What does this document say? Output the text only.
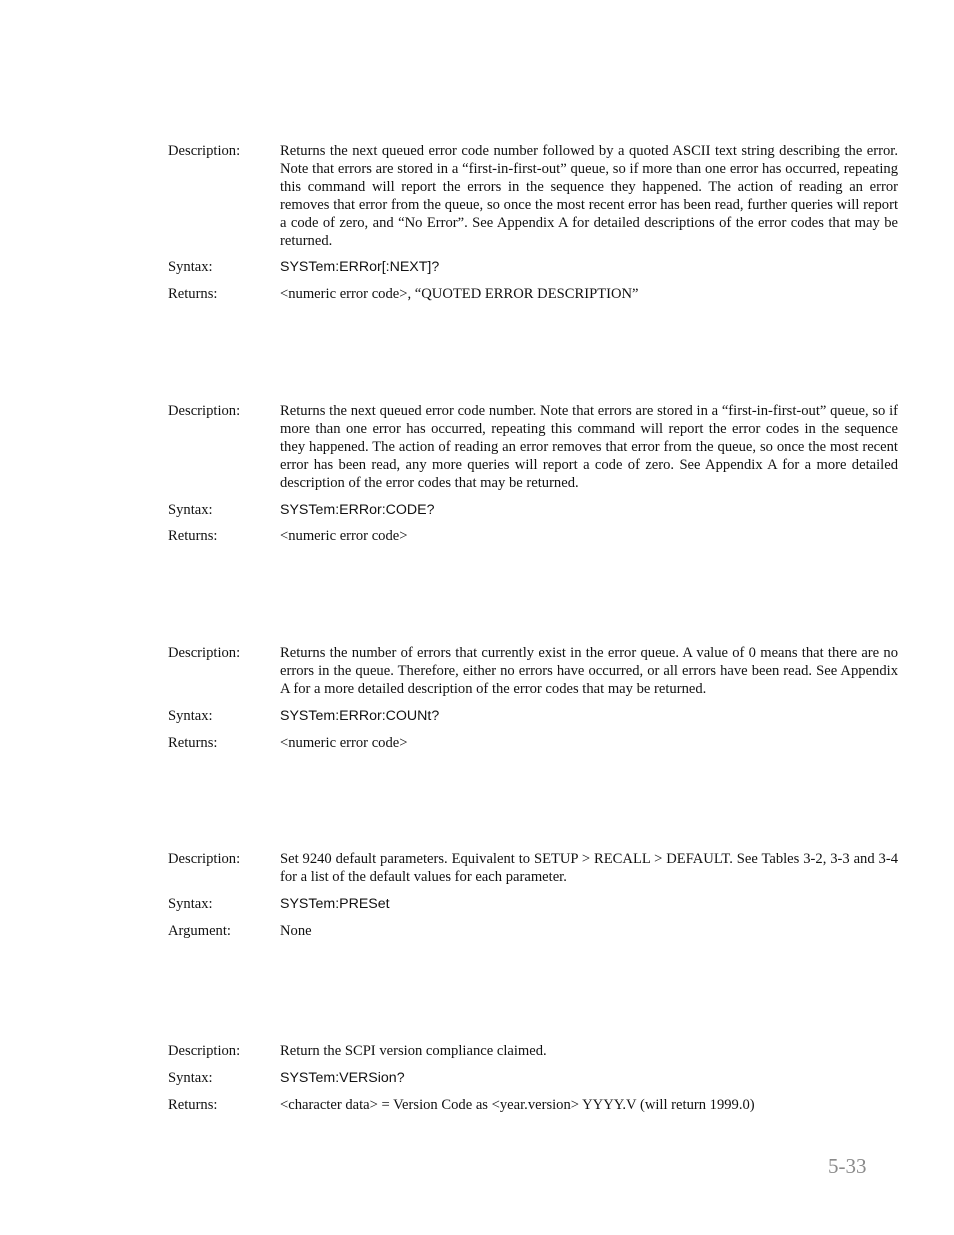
Description:	Returns the next queued error code number followed by a quoted ASCII text string describing the error. Note that errors are stored in a “first-in-first-out” queue, so if more than one error has occurred, repeating this command will report the errors in the sequence they happened. The action of reading an error removes that error from the queue, so once the most recent error has been read, further queries will report a code of zero, and “No Error”. See Appendix A for detailed descriptions of the error codes that may be returned.
Syntax:	SYSTem:ERRor[:NEXT]?
Returns:	<numeric error code>, “QUOTED ERROR DESCRIPTION”
Description:	Returns the next queued error code number. Note that errors are stored in a “first-in-first-out” queue, so if more than one error has occurred, repeating this command will report the error codes in the sequence they happened. The action of reading an error removes that error from the queue, so once the most recent error has been read, any more queries will report a code of zero. See Appendix A for a more detailed description of the error codes that may be returned.
Syntax:	SYSTem:ERRor:CODE?
Returns:	<numeric error code>
Description:	Returns the number of errors that currently exist in the error queue. A value of 0 means that there are no errors in the queue. Therefore, either no errors have occurred, or all errors have been read. See Appendix A for a more detailed description of the error codes that may be returned.
Syntax:	SYSTem:ERRor:COUNt?
Returns:	<numeric error code>
Description:	Set 9240 default parameters. Equivalent to SETUP > RECALL > DEFAULT. See Tables 3-2, 3-3 and 3-4 for a list of the default values for each parameter.
Syntax:	SYSTem:PRESet
Argument:	None
Description:	Return the SCPI version compliance claimed.
Syntax:	SYSTem:VERSion?
Returns:	<character data> = Version Code as <year.version> YYYY.V (will return 1999.0)
5-33
